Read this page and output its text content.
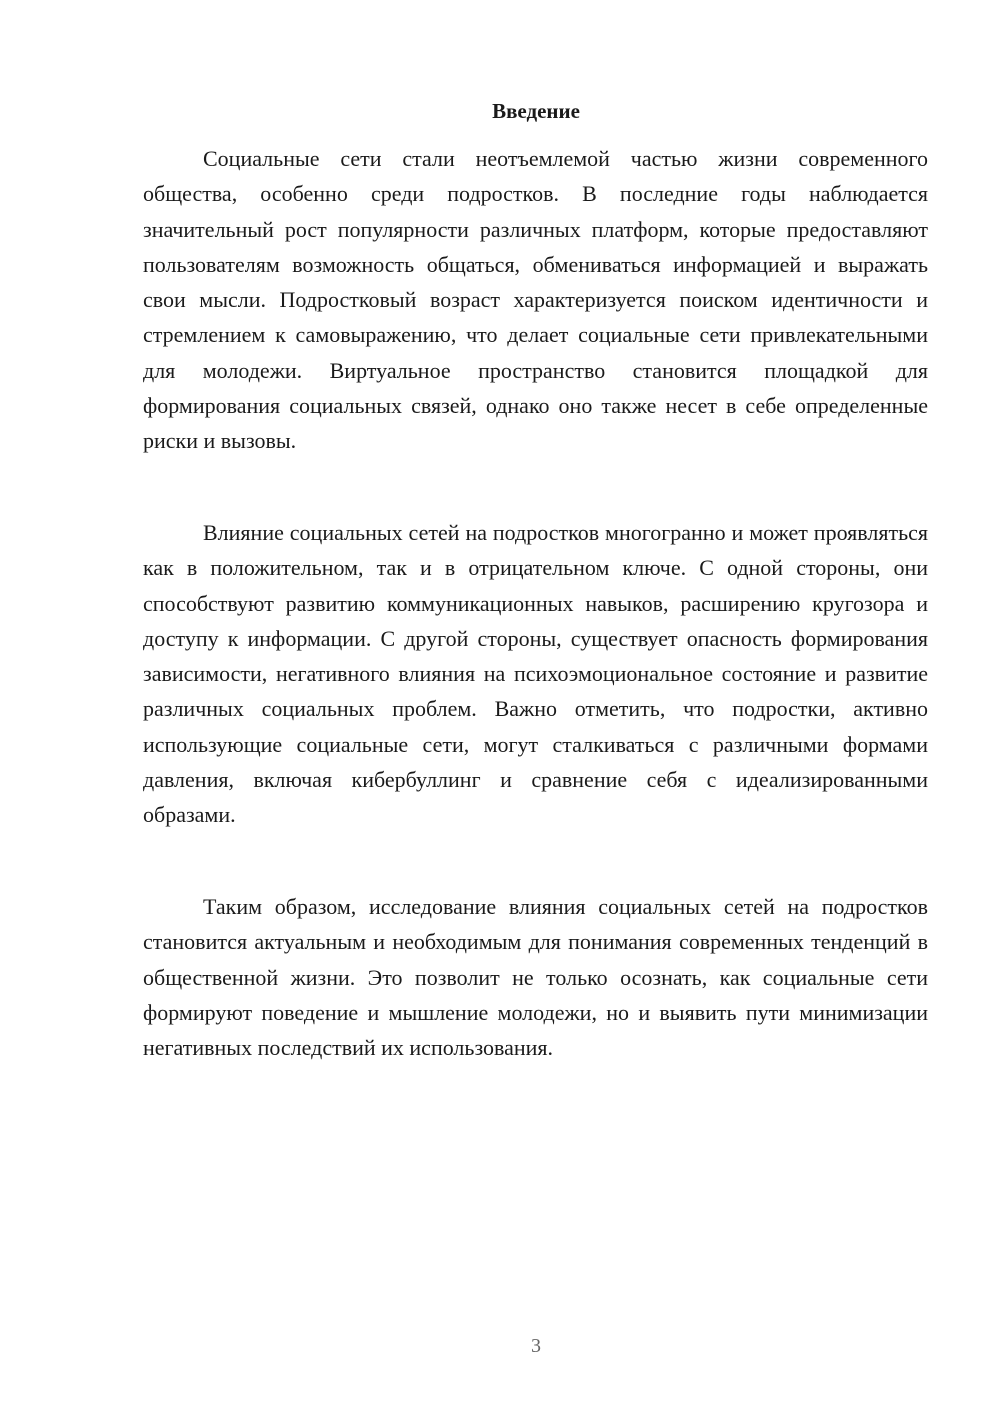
Введение

Социальные сети стали неотъемлемой частью жизни современного общества, особенно среди подростков. В последние годы наблюдается значительный рост популярности различных платформ, которые предоставляют пользователям возможность общаться, обмениваться информацией и выражать свои мысли. Подростковый возраст характеризуется поиском идентичности и стремлением к самовыражению, что делает социальные сети привлекательными для молодежи. Виртуальное пространство становится площадкой для формирования социальных связей, однако оно также несет в себе определенные риски и вызовы.

Влияние социальных сетей на подростков многогранно и может проявляться как в положительном, так и в отрицательном ключе. С одной стороны, они способствуют развитию коммуникационных навыков, расширению кругозора и доступу к информации. С другой стороны, существует опасность формирования зависимости, негативного влияния на психоэмоциональное состояние и развитие различных социальных проблем. Важно отметить, что подростки, активно использующие социальные сети, могут сталкиваться с различными формами давления, включая кибербуллинг и сравнение себя с идеализированными образами.

Таким образом, исследование влияния социальных сетей на подростков становится актуальным и необходимым для понимания современных тенденций в общественной жизни. Это позволит не только осознать, как социальные сети формируют поведение и мышление молодежи, но и выявить пути минимизации негативных последствий их использования.

3
